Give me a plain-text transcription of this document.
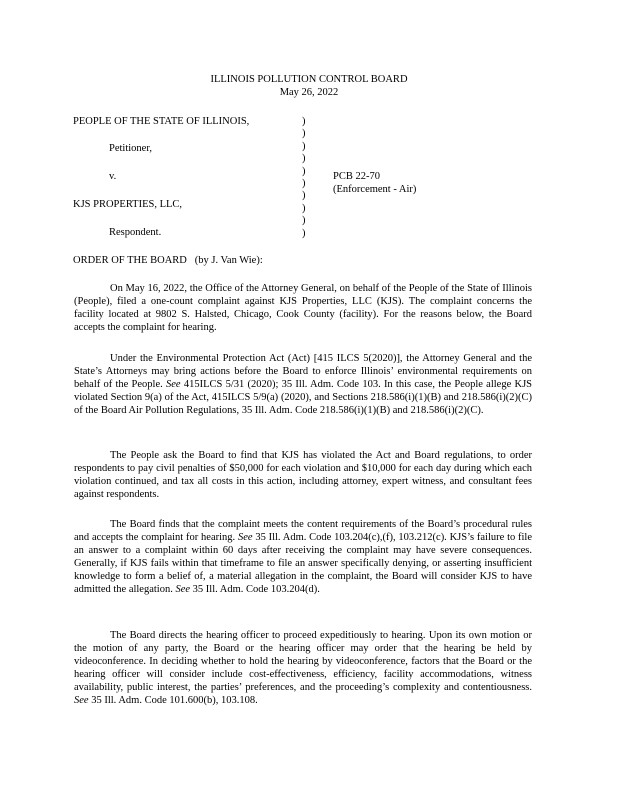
ILLINOIS POLLUTION CONTROL BOARD
May 26, 2022
PEOPLE OF THE STATE OF ILLINOIS,
Petitioner,
v.
KJS PROPERTIES, LLC,
Respondent.
)
)
)
)
)
)
)
)
)
)
PCB 22-70
(Enforcement - Air)
ORDER OF THE BOARD (by J. Van Wie):

On May 16, 2022, the Office of the Attorney General, on behalf of the People of the State of Illinois (People), filed a one-count complaint against KJS Properties, LLC (KJS). The complaint concerns the facility located at 9802 S. Halsted, Chicago, Cook County (facility). For the reasons below, the Board accepts the complaint for hearing.

Under the Environmental Protection Act (Act) [415 ILCS 5(2020)], the Attorney General and the State’s Attorneys may bring actions before the Board to enforce Illinois’ environmental requirements on behalf of the People. See 415ILCS 5/31 (2020); 35 Ill. Adm. Code 103. In this case, the People allege KJS violated Section 9(a) of the Act, 415ILCS 5/9(a) (2020), and Sections 218.586(i)(1)(B) and 218.586(i)(2)(C) of the Board Air Pollution Regulations, 35 Ill. Adm. Code 218.586(i)(1)(B) and 218.586(i)(2)(C).

The People ask the Board to find that KJS has violated the Act and Board regulations, to order respondents to pay civil penalties of $50,000 for each violation and $10,000 for each day during which each violation continued, and tax all costs in this action, including attorney, expert witness, and consultant fees against respondents.

The Board finds that the complaint meets the content requirements of the Board’s procedural rules and accepts the complaint for hearing. See 35 Ill. Adm. Code 103.204(c),(f), 103.212(c). KJS’s failure to file an answer to a complaint within 60 days after receiving the complaint may have severe consequences. Generally, if KJS fails within that timeframe to file an answer specifically denying, or asserting insufficient knowledge to form a belief of, a material allegation in the complaint, the Board will consider KJS to have admitted the allegation. See 35 Ill. Adm. Code 103.204(d).

The Board directs the hearing officer to proceed expeditiously to hearing. Upon its own motion or the motion of any party, the Board or the hearing officer may order that the hearing be held by videoconference. In deciding whether to hold the hearing by videoconference, factors that the Board or the hearing officer will consider include cost-effectiveness, efficiency, facility accommodations, witness availability, public interest, the parties’ preferences, and the proceeding’s complexity and contentiousness. See 35 Ill. Adm. Code 101.600(b), 103.108.
